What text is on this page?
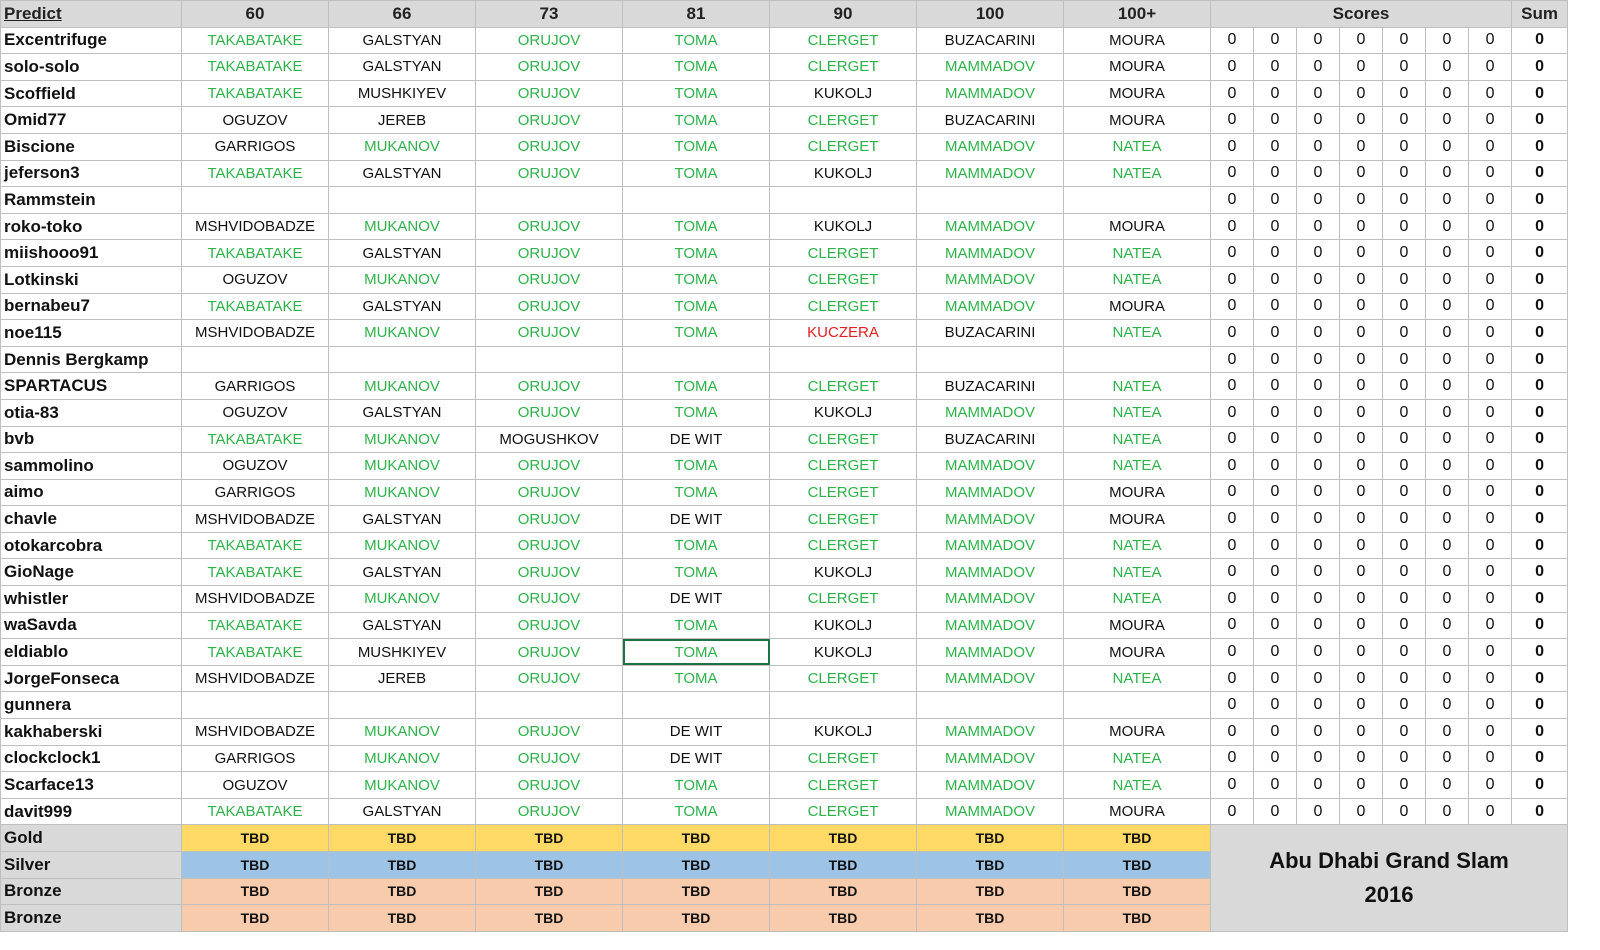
Predict	60	66	73	81	90	100	100+	Scores							Sum
Excentrifuge	TAKABATAKE	GALSTYAN	ORUJOV	TOMA	CLERGET	BUZACARINI	MOURA	0	0	0	0	0	0	0	0
solo-solo	TAKABATAKE	GALSTYAN	ORUJOV	TOMA	CLERGET	MAMMADOV	MOURA	0	0	0	0	0	0	0	0
Scoffield	TAKABATAKE	MUSHKIYEV	ORUJOV	TOMA	KUKOLJ	MAMMADOV	MOURA	0	0	0	0	0	0	0	0
Omid77	OGUZOV	JEREB	ORUJOV	TOMA	CLERGET	BUZACARINI	MOURA	0	0	0	0	0	0	0	0
Biscione	GARRIGOS	MUKANOV	ORUJOV	TOMA	CLERGET	MAMMADOV	NATEA	0	0	0	0	0	0	0	0
jeferson3	TAKABATAKE	GALSTYAN	ORUJOV	TOMA	KUKOLJ	MAMMADOV	NATEA	0	0	0	0	0	0	0	0
Rammstein								0	0	0	0	0	0	0	0
roko-toko	MSHVIDOBADZE	MUKANOV	ORUJOV	TOMA	KUKOLJ	MAMMADOV	MOURA	0	0	0	0	0	0	0	0
miishooo91	TAKABATAKE	GALSTYAN	ORUJOV	TOMA	CLERGET	MAMMADOV	NATEA	0	0	0	0	0	0	0	0
Lotkinski	OGUZOV	MUKANOV	ORUJOV	TOMA	CLERGET	MAMMADOV	NATEA	0	0	0	0	0	0	0	0
bernabeu7	TAKABATAKE	GALSTYAN	ORUJOV	TOMA	CLERGET	MAMMADOV	MOURA	0	0	0	0	0	0	0	0
noe115	MSHVIDOBADZE	MUKANOV	ORUJOV	TOMA	KUCZERA	BUZACARINI	NATEA	0	0	0	0	0	0	0	0
Dennis Bergkamp								0	0	0	0	0	0	0	0
SPARTACUS	GARRIGOS	MUKANOV	ORUJOV	TOMA	CLERGET	BUZACARINI	NATEA	0	0	0	0	0	0	0	0
otia-83	OGUZOV	GALSTYAN	ORUJOV	TOMA	KUKOLJ	MAMMADOV	NATEA	0	0	0	0	0	0	0	0
bvb	TAKABATAKE	MUKANOV	MOGUSHKOV	DE WIT	CLERGET	BUZACARINI	NATEA	0	0	0	0	0	0	0	0
sammolino	OGUZOV	MUKANOV	ORUJOV	TOMA	CLERGET	MAMMADOV	NATEA	0	0	0	0	0	0	0	0
aimo	GARRIGOS	MUKANOV	ORUJOV	TOMA	CLERGET	MAMMADOV	MOURA	0	0	0	0	0	0	0	0
chavle	MSHVIDOBADZE	GALSTYAN	ORUJOV	DE WIT	CLERGET	MAMMADOV	MOURA	0	0	0	0	0	0	0	0
otokarcobra	TAKABATAKE	MUKANOV	ORUJOV	TOMA	CLERGET	MAMMADOV	NATEA	0	0	0	0	0	0	0	0
GioNage	TAKABATAKE	GALSTYAN	ORUJOV	TOMA	KUKOLJ	MAMMADOV	NATEA	0	0	0	0	0	0	0	0
whistler	MSHVIDOBADZE	MUKANOV	ORUJOV	DE WIT	CLERGET	MAMMADOV	NATEA	0	0	0	0	0	0	0	0
waSavda	TAKABATAKE	GALSTYAN	ORUJOV	TOMA	KUKOLJ	MAMMADOV	MOURA	0	0	0	0	0	0	0	0
eldiablo	TAKABATAKE	MUSHKIYEV	ORUJOV	TOMA	KUKOLJ	MAMMADOV	MOURA	0	0	0	0	0	0	0	0
JorgeFonseca	MSHVIDOBADZE	JEREB	ORUJOV	TOMA	CLERGET	MAMMADOV	NATEA	0	0	0	0	0	0	0	0
gunnera								0	0	0	0	0	0	0	0
kakhaberski	MSHVIDOBADZE	MUKANOV	ORUJOV	DE WIT	KUKOLJ	MAMMADOV	MOURA	0	0	0	0	0	0	0	0
clockclock1	GARRIGOS	MUKANOV	ORUJOV	DE WIT	CLERGET	MAMMADOV	NATEA	0	0	0	0	0	0	0	0
Scarface13	OGUZOV	MUKANOV	ORUJOV	TOMA	CLERGET	MAMMADOV	NATEA	0	0	0	0	0	0	0	0
davit999	TAKABATAKE	GALSTYAN	ORUJOV	TOMA	CLERGET	MAMMADOV	MOURA	0	0	0	0	0	0	0	0
Gold	TBD	TBD	TBD	TBD	TBD	TBD	TBD	Abu Dhabi Grand Slam
2016							

Silver	TBD	TBD	TBD	TBD	TBD	TBD	TBD								
Bronze	TBD	TBD	TBD	TBD	TBD	TBD	TBD								
Bronze	TBD	TBD	TBD	TBD	TBD	TBD	TBD								
